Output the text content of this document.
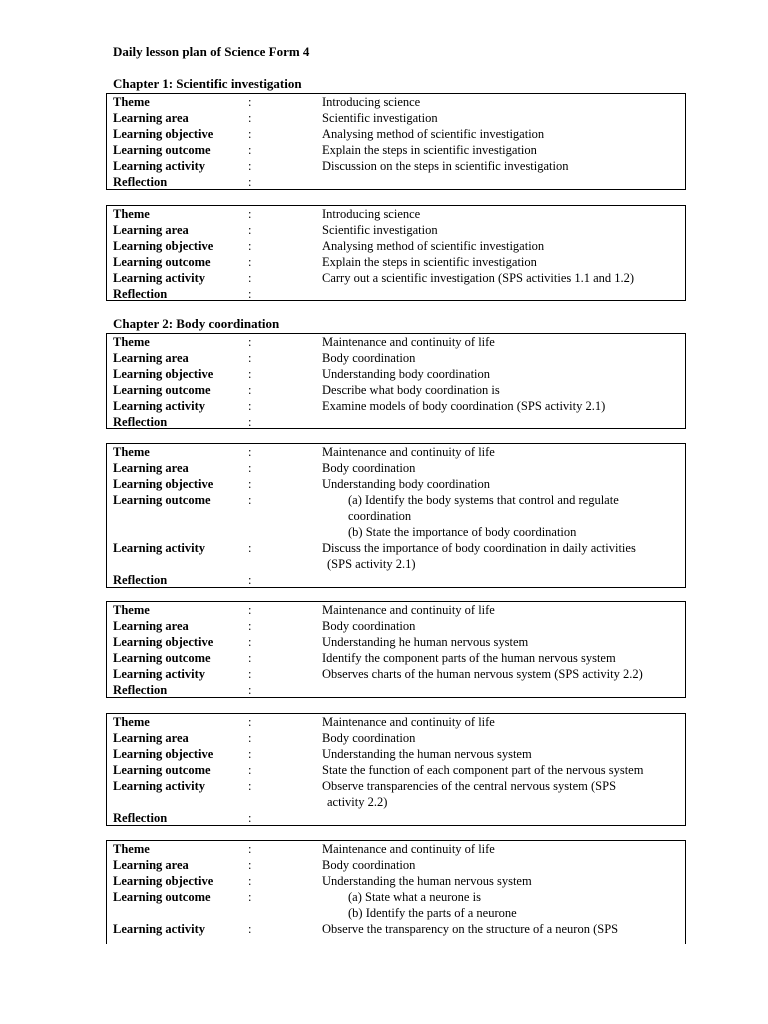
Daily lesson plan of Science Form 4
Chapter 1: Scientific investigation
Theme	:	Introducing science
Learning area	:	Scientific investigation
Learning objective	:	Analysing method of scientific investigation
Learning outcome	:	Explain the steps in scientific investigation
Learning activity	:	Discussion on the steps in scientific investigation
Reflection	:
Theme	:	Introducing science
Learning area	:	Scientific investigation
Learning objective	:	Analysing method of scientific investigation
Learning outcome	:	Explain the steps in scientific investigation
Learning activity	:	Carry out a scientific investigation (SPS activities 1.1 and 1.2)
Reflection	:
Chapter 2: Body coordination
Theme	:	Maintenance and continuity of life
Learning area	:	Body coordination
Learning objective	:	Understanding body coordination
Learning outcome	:	Describe what body coordination is
Learning activity	:	Examine models of body coordination (SPS activity 2.1)
Reflection	:
Theme	:	Maintenance and continuity of life
Learning area	:	Body coordination
Learning objective	:	Understanding body coordination
Learning outcome	:	(a) Identify the body systems that control and regulate
coordination
(b) State the importance of body coordination
Learning activity	:	Discuss the importance of body coordination in daily activities
(SPS activity 2.1)
Reflection	:
Theme	:	Maintenance and continuity of life
Learning area	:	Body coordination
Learning objective	:	Understanding he human nervous system
Learning outcome	:	Identify the component parts of the human nervous system
Learning activity	:	Observes charts of the human nervous system (SPS activity 2.2)
Reflection	:
Theme	:	Maintenance and continuity of life
Learning area	:	Body coordination
Learning objective	:	Understanding the human nervous system
Learning outcome	:	State the function of each component part of the nervous system
Learning activity	:	Observe transparencies of the central nervous system (SPS
activity 2.2)
Reflection	:
Theme	:	Maintenance and continuity of life
Learning area	:	Body coordination
Learning objective	:	Understanding the human nervous system
Learning outcome	:	(a) State what a neurone is
(b) Identify the parts of a neurone
Learning activity	:	Observe the transparency on the structure of a neuron (SPS
